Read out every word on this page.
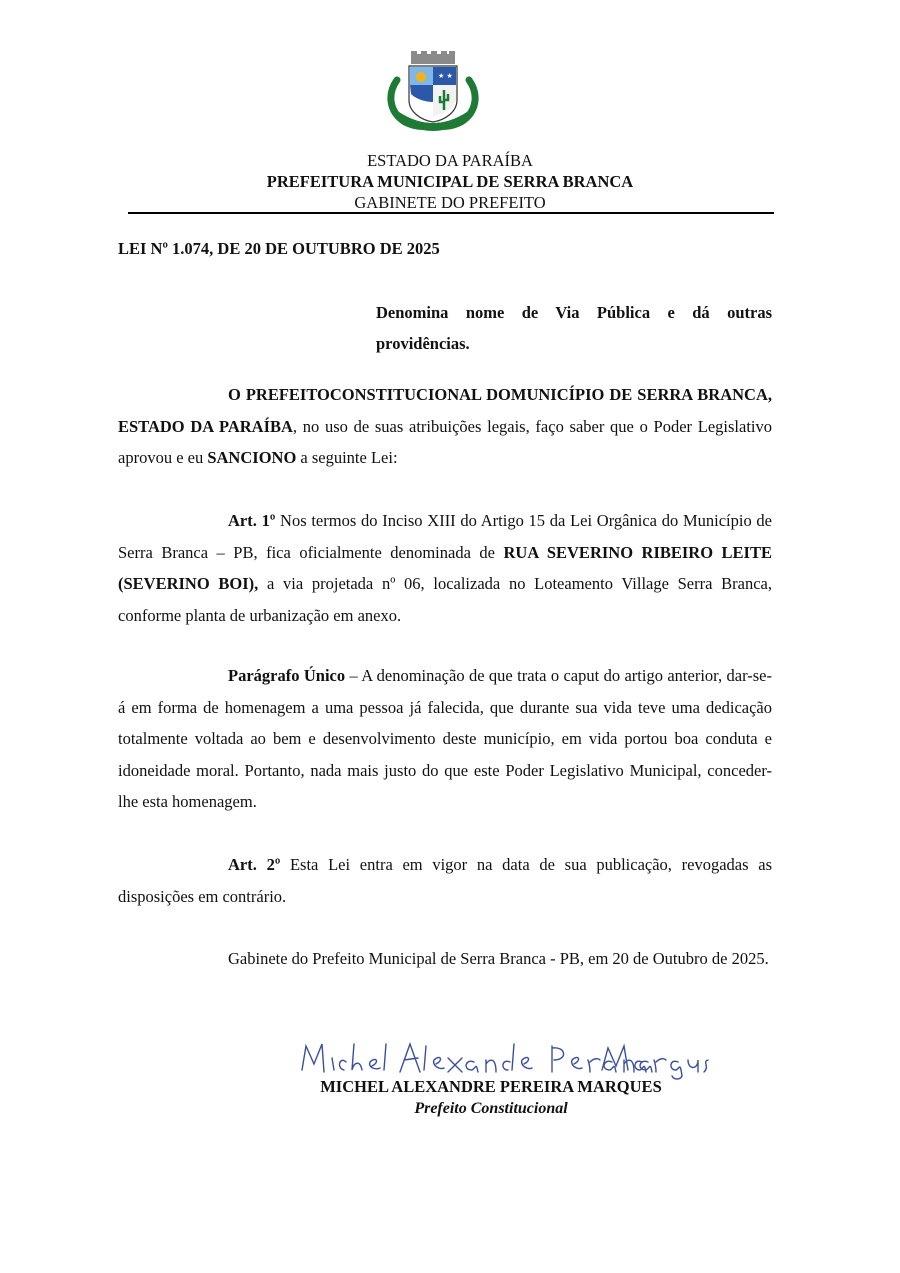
★ ★
ESTADO DA PARAÍBA
PREFEITURA MUNICIPAL DE SERRA BRANCA
GABINETE DO PREFEITO
LEI Nº 1.074, DE 20 DE OUTUBRO DE 2025
Denomina nome de Via Pública e dá outras providências.
O PREFEITOCONSTITUCIONAL DOMUNICÍPIO DE SERRA BRANCA, ESTADO DA PARAÍBA, no uso de suas atribuições legais, faço saber que o Poder Legislativo aprovou e eu SANCIONO a seguinte Lei:
Art. 1º Nos termos do Inciso XIII do Artigo 15 da Lei Orgânica do Município de Serra Branca – PB, fica oficialmente denominada de RUA SEVERINO RIBEIRO LEITE (SEVERINO BOI), a via projetada nº 06, localizada no Loteamento Village Serra Branca, conforme planta de urbanização em anexo.
Parágrafo Único – A denominação de que trata o caput do artigo anterior, dar-se-á em forma de homenagem a uma pessoa já falecida, que durante sua vida teve uma dedicação totalmente voltada ao bem e desenvolvimento deste município, em vida portou boa conduta e idoneidade moral. Portanto, nada mais justo do que este Poder Legislativo Municipal, conceder-lhe esta homenagem.
Art. 2º Esta Lei entra em vigor na data de sua publicação, revogadas as disposições em contrário.
Gabinete do Prefeito Municipal de Serra Branca - PB, em 20 de Outubro de 2025.
MICHEL ALEXANDRE PEREIRA MARQUES
Prefeito Constitucional
